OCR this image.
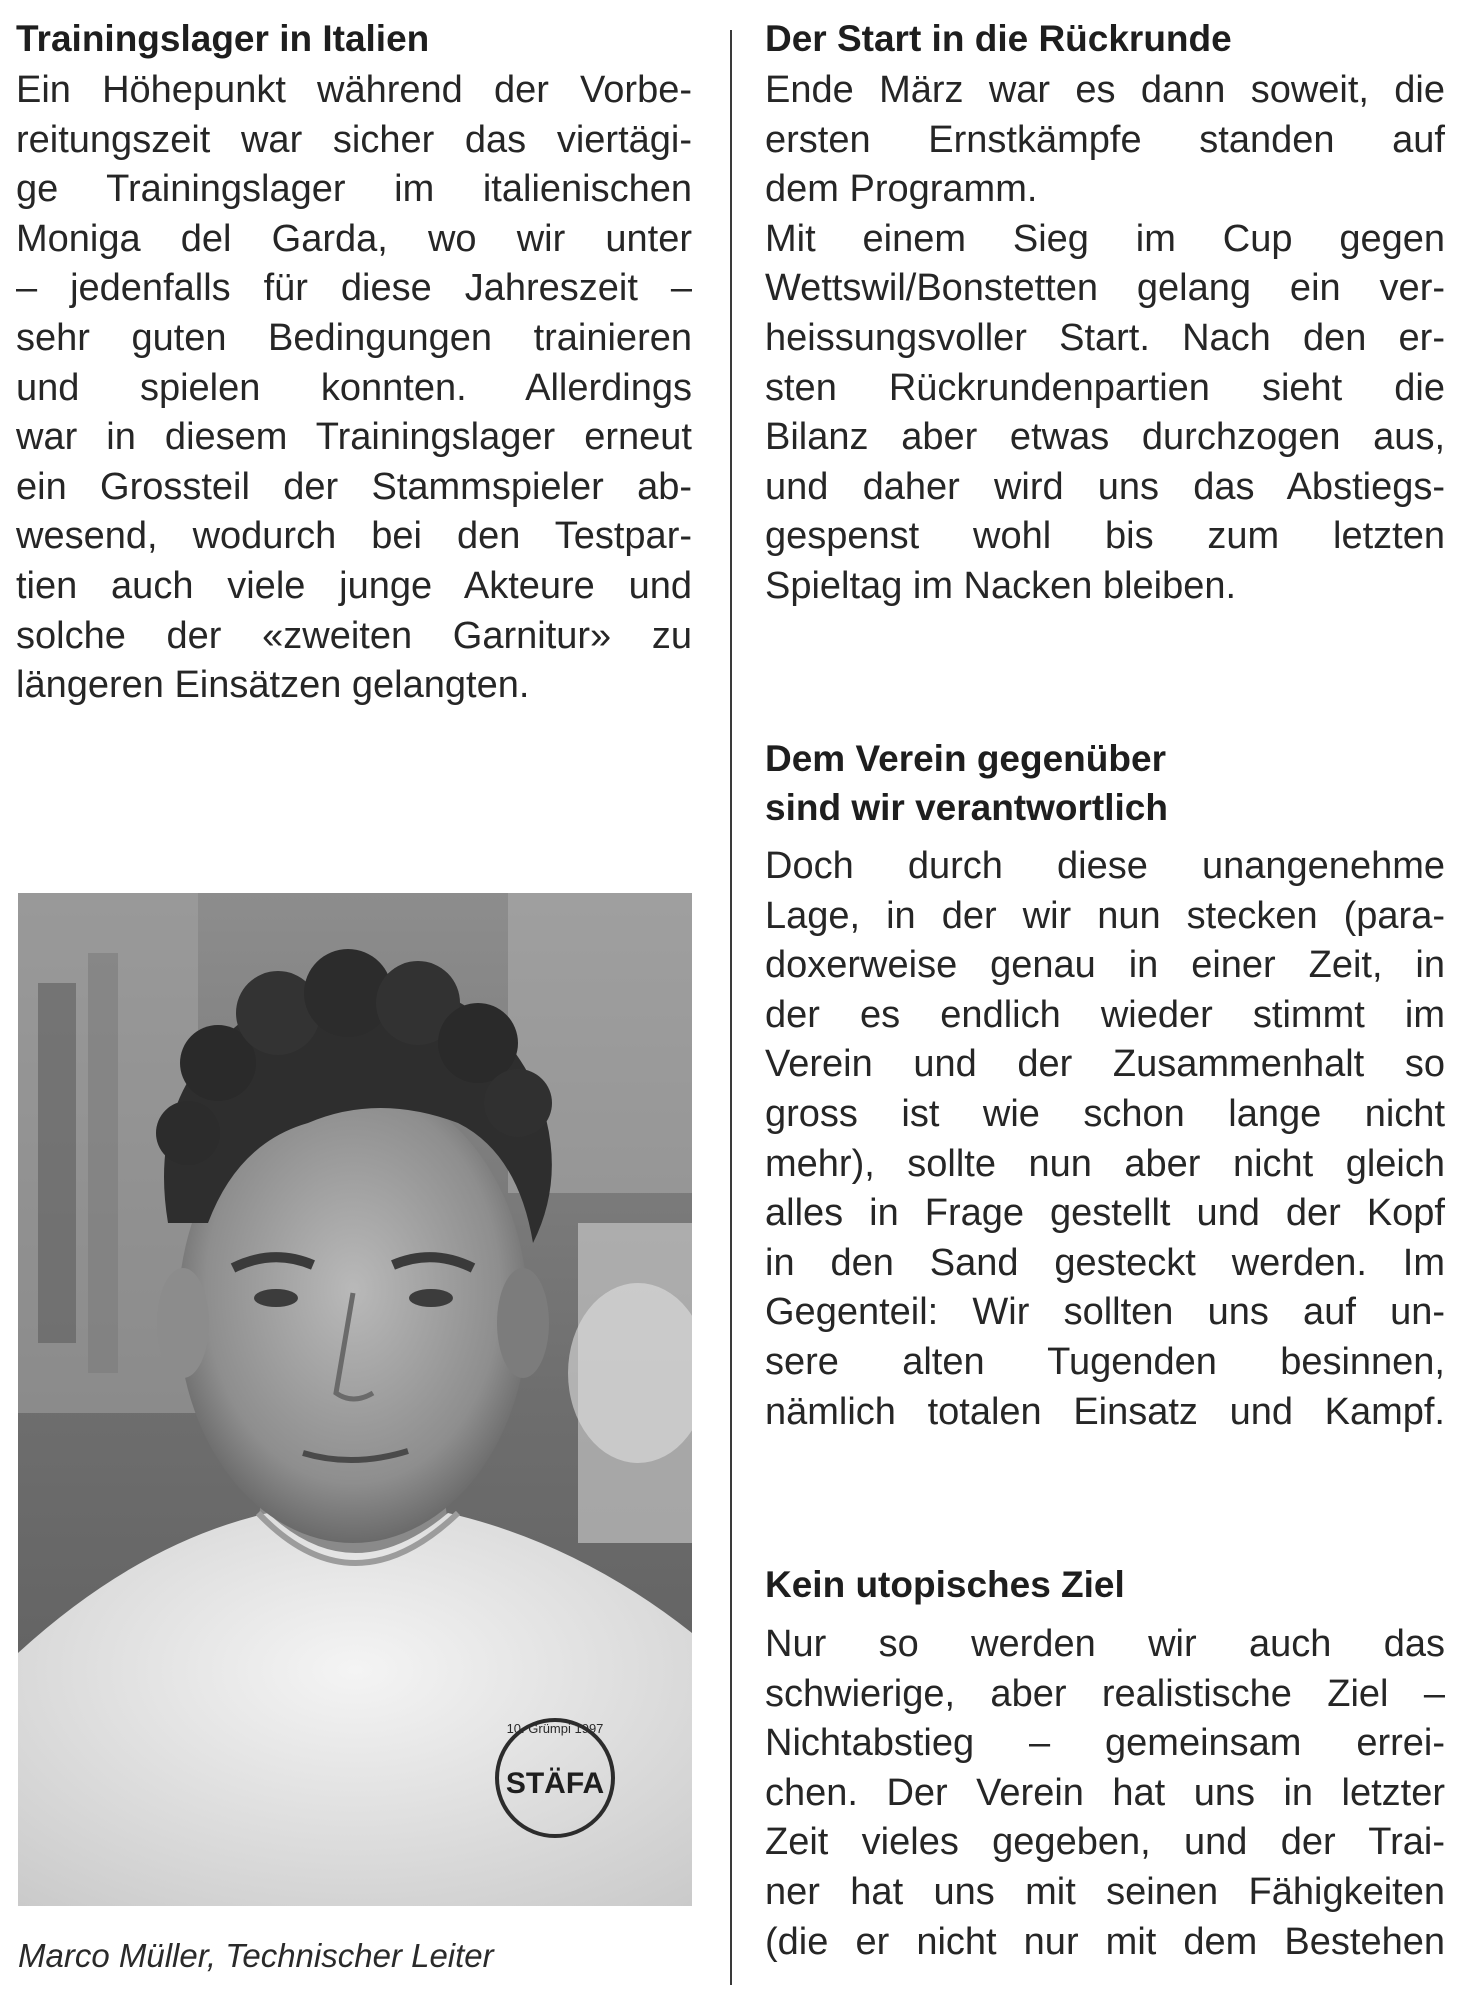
Trainingslager in Italien
Ein Höhepunkt während der Vorbe-
reitungszeit war sicher das viertägi-
ge Trainingslager im italienischen
Moniga del Garda, wo wir unter
– jedenfalls für diese Jahreszeit –
sehr guten Bedingungen trainieren
und spielen konnten. Allerdings
war in diesem Trainingslager erneut
ein Grossteil der Stammspieler ab-
wesend, wodurch bei den Testpar-
tien auch viele junge Akteure und
solche der «zweiten Garnitur» zu
längeren Einsätzen gelangten.
STÄFA
10. Grümpi 1997

Marco Müller, Technischer Leiter

Der Start in die Rückrunde
Ende März war es dann soweit, die
ersten Ernstkämpfe standen auf
dem Programm.
Mit einem Sieg im Cup gegen
Wettswil/Bonstetten gelang ein ver-
heissungsvoller Start. Nach den er-
sten Rückrundenpartien sieht die
Bilanz aber etwas durchzogen aus,
und daher wird uns das Abstiegs-
gespenst wohl bis zum letzten
Spieltag im Nacken bleiben.
Dem Verein gegenüber
sind wir verantwortlich
Doch durch diese unangenehme
Lage, in der wir nun stecken (para-
doxerweise genau in einer Zeit, in
der es endlich wieder stimmt im
Verein und der Zusammenhalt so
gross ist wie schon lange nicht
mehr), sollte nun aber nicht gleich
alles in Frage gestellt und der Kopf
in den Sand gesteckt werden. Im
Gegenteil: Wir sollten uns auf un-
sere alten Tugenden besinnen,
nämlich totalen Einsatz und Kampf.
Kein utopisches Ziel
Nur so werden wir auch das
schwierige, aber realistische Ziel –
Nichtabstieg – gemeinsam errei-
chen. Der Verein hat uns in letzter
Zeit vieles gegeben, und der Trai-
ner hat uns mit seinen Fähigkeiten
(die er nicht nur mit dem Bestehen
